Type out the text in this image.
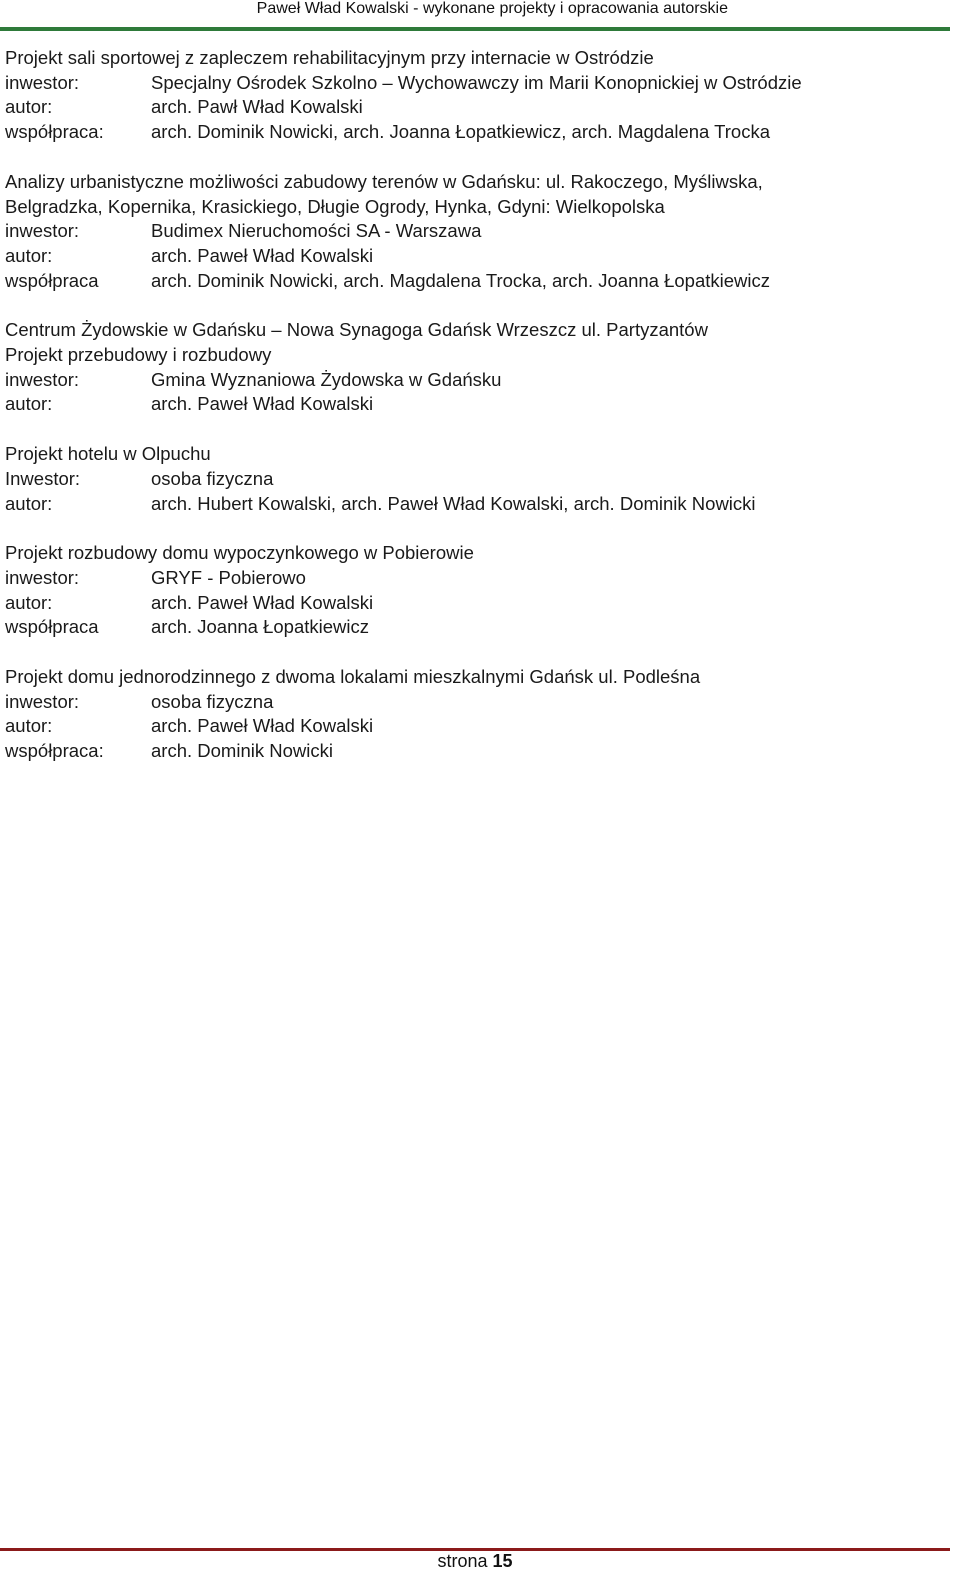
Paweł Wład Kowalski - wykonane projekty i opracowania autorskie
Projekt sali sportowej z zapleczem rehabilitacyjnym przy internacie w Ostródzie
inwestor:	Specjalny Ośrodek Szkolno – Wychowawczy im Marii Konopnickiej w Ostródzie
autor:	arch. Pawł Wład Kowalski
współpraca:	arch. Dominik Nowicki, arch. Joanna Łopatkiewicz, arch. Magdalena Trocka
Analizy urbanistyczne możliwości zabudowy terenów w Gdańsku: ul. Rakoczego, Myśliwska,
Belgradzka, Kopernika, Krasickiego, Długie Ogrody, Hynka, Gdyni: Wielkopolska
inwestor:	Budimex Nieruchomości SA - Warszawa
autor:	arch. Paweł Wład Kowalski
współpraca	arch. Dominik Nowicki, arch. Magdalena Trocka, arch. Joanna Łopatkiewicz
Centrum Żydowskie w Gdańsku – Nowa Synagoga Gdańsk Wrzeszcz ul. Partyzantów
Projekt przebudowy i rozbudowy
inwestor:	Gmina Wyznaniowa Żydowska w Gdańsku
autor:	arch. Paweł Wład Kowalski
Projekt hotelu w Olpuchu
Inwestor:	osoba fizyczna
autor:	arch. Hubert Kowalski, arch. Paweł Wład Kowalski, arch. Dominik Nowicki
Projekt rozbudowy domu wypoczynkowego w Pobierowie
inwestor:	GRYF - Pobierowo
autor:	arch. Paweł Wład Kowalski
współpraca	arch. Joanna Łopatkiewicz
Projekt domu jednorodzinnego z dwoma lokalami mieszkalnymi Gdańsk ul. Podleśna
inwestor:	osoba fizyczna
autor:	arch. Paweł Wład Kowalski
współpraca:	arch. Dominik Nowicki
strona 15
